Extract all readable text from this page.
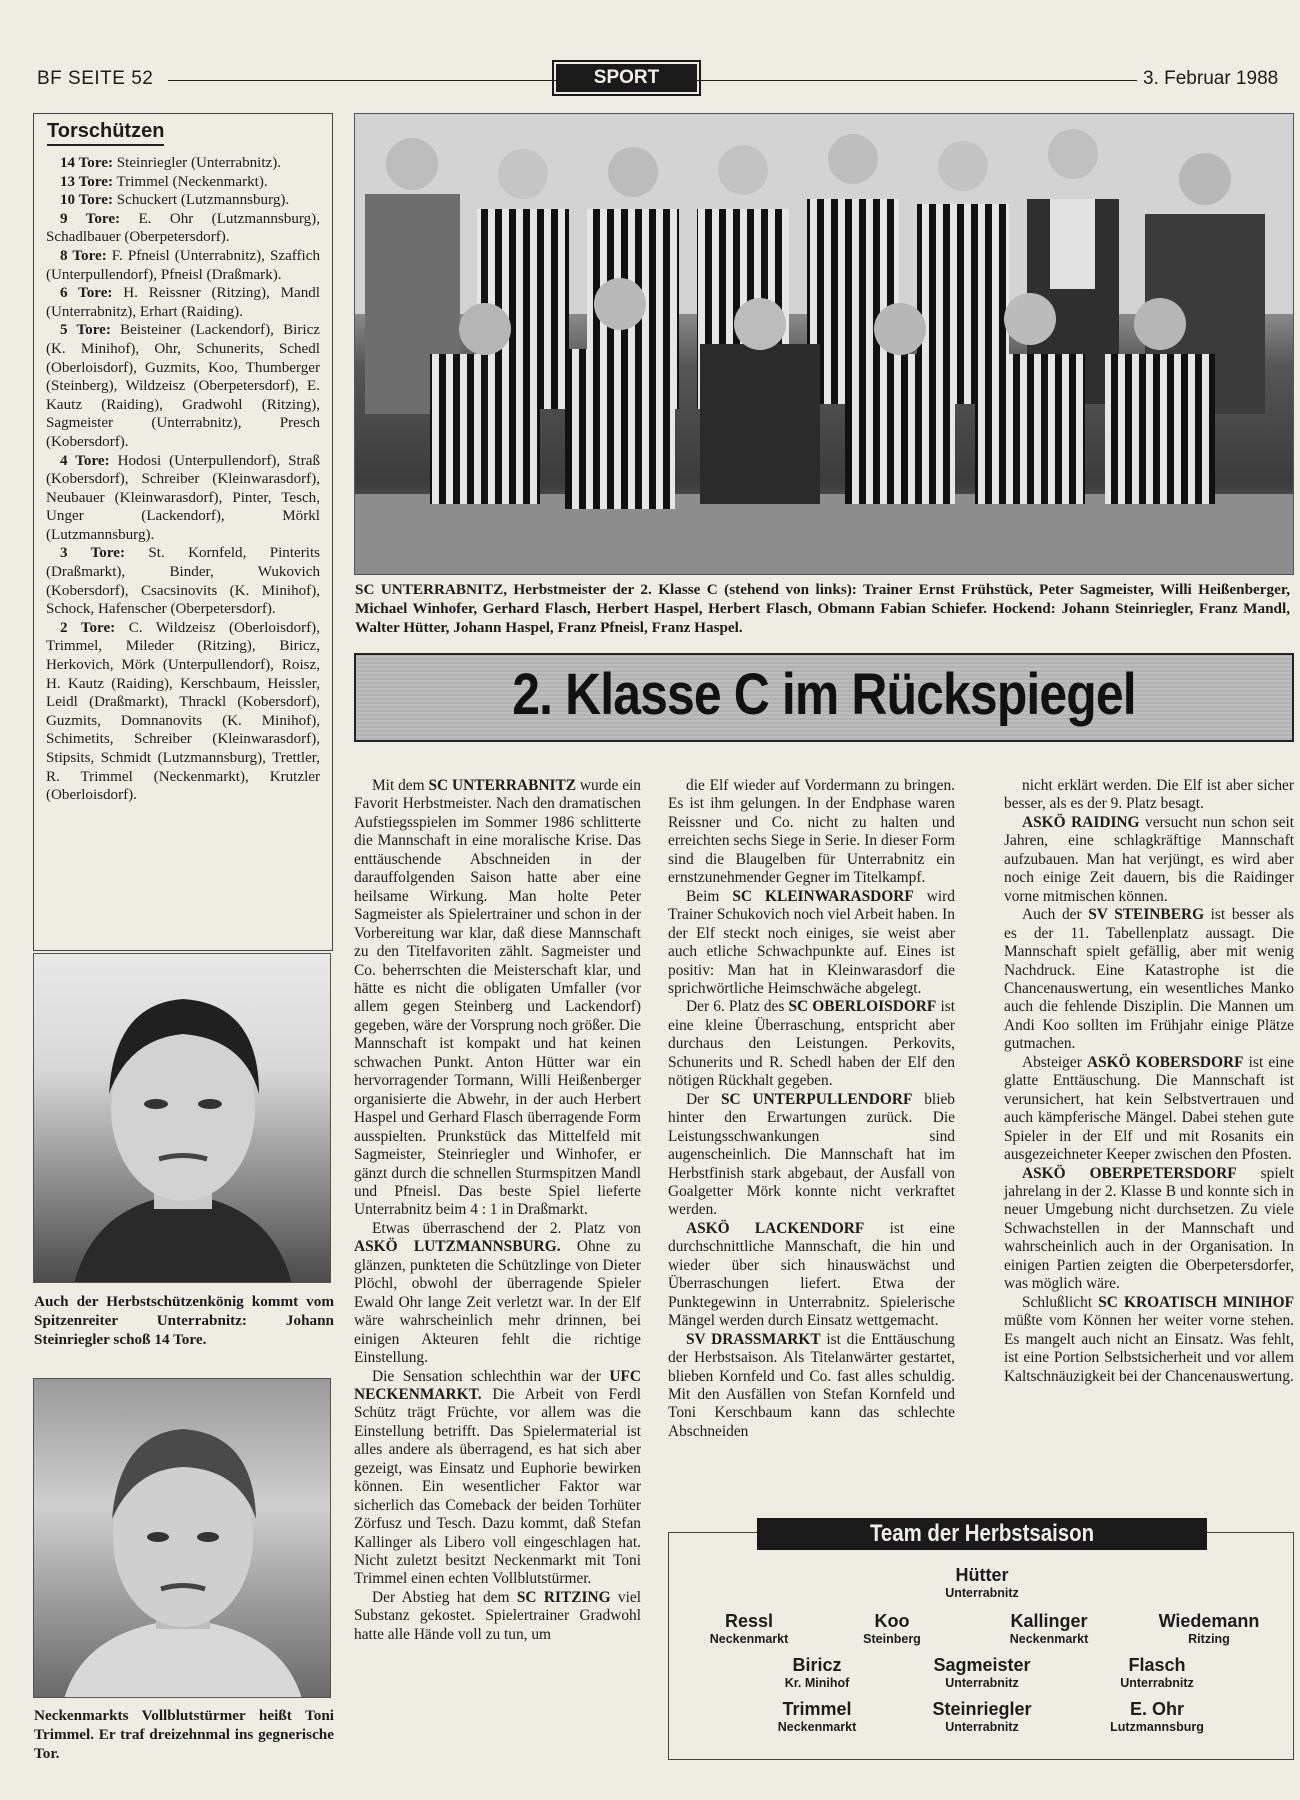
BF SEITE 52	SPORT	3. Februar 1988
Torschützen

14 Tore: Steinriegler (Unterrabnitz).

13 Tore: Trimmel (Neckenmarkt).

10 Tore: Schuckert (Lutzmannsburg).

9 Tore: E. Ohr (Lutzmannsburg), Schadlbauer (Oberpetersdorf).

8 Tore: F. Pfneisl (Unterrabnitz), Szaffich (Unterpullendorf), Pfneisl (Draßmark).

6 Tore: H. Reissner (Ritzing), Mandl (Unterrabnitz), Erhart (Raiding).

5 Tore: Beisteiner (Lackendorf), Biricz (K. Minihof), Ohr, Schunerits, Schedl (Oberloisdorf), Guzmits, Koo, Thumberger (Steinberg), Wildzeisz (Oberpetersdorf), E. Kautz (Raiding), Gradwohl (Ritzing), Sagmeister (Unterrabnitz), Presch (Kobersdorf).

4 Tore: Hodosi (Unterpullendorf), Straß (Kobersdorf), Schreiber (Kleinwarasdorf), Neubauer (Kleinwarasdorf), Pinter, Tesch, Unger (Lackendorf), Mörkl (Lutzmannsburg).

3 Tore: St. Kornfeld, Pinterits (Draßmarkt), Binder, Wukovich (Kobersdorf), Csacsinovits (K. Minihof), Schock, Hafenscher (Oberpetersdorf).

2 Tore: C. Wildzeisz (Oberloisdorf), Trimmel, Mileder (Ritzing), Biricz, Herkovich, Mörk (Unterpullendorf), Roisz, H. Kautz (Raiding), Kerschbaum, Heissler, Leidl (Draßmarkt), Thrackl (Kobersdorf), Guzmits, Domnanovits (K. Minihof), Schimetits, Schreiber (Kleinwarasdorf), Stipsits, Schmidt (Lutzmannsburg), Trettler, R. Trimmel (Neckenmarkt), Krutzler (Oberloisdorf).

Auch der Herbstschützenkönig kommt vom Spitzenreiter Unterrabnitz: Johann Steinriegler schoß 14 Tore.
Neckenmarkts Vollblutstürmer heißt Toni Trimmel. Er traf dreizehnmal ins gegnerische Tor.
SC UNTERRABNITZ, Herbstmeister der 2. Klasse C (stehend von links): Trainer Ernst Frühstück, Peter Sagmeister, Willi Heißenberger, Michael Winhofer, Gerhard Flasch, Herbert Haspel, Herbert Flasch, Obmann Fabian Schiefer. Hockend: Johann Steinriegler, Franz Mandl, Walter Hütter, Johann Haspel, Franz Pfneisl, Franz Haspel.
2. Klasse C im Rückspiegel

Mit dem SC UNTERRABNITZ wurde ein Favorit Herbstmeister. Nach den dramatischen Aufstiegsspielen im Sommer 1986 schlitterte die Mannschaft in eine moralische Krise. Das enttäuschende Abschneiden in der darauffolgenden Saison hatte aber eine heilsame Wirkung. Man holte Peter Sagmeister als Spielertrainer und schon in der Vorbereitung war klar, daß diese Mannschaft zu den Titelfavoriten zählt. Sagmeister und Co. beherrschten die Meisterschaft klar, und hätte es nicht die obligaten Umfaller (vor allem gegen Steinberg und Lackendorf) gegeben, wäre der Vorsprung noch größer. Die Mannschaft ist kompakt und hat keinen schwachen Punkt. Anton Hütter war ein hervorragender Tormann, Willi Heißenberger organisierte die Abwehr, in der auch Herbert Haspel und Gerhard Flasch überragende Form ausspielten. Prunkstück das Mittelfeld mit Sagmeister, Steinriegler und Winhofer, er gänzt durch die schnellen Sturmspitzen Mandl und Pfneisl. Das beste Spiel lieferte Unterrabnitz beim 4 : 1 in Draßmarkt.

Etwas überraschend der 2. Platz von ASKÖ LUTZMANNSBURG. Ohne zu glänzen, punkteten die Schützlinge von Dieter Plöchl, obwohl der überragende Spieler Ewald Ohr lange Zeit verletzt war. In der Elf wäre wahrscheinlich mehr drinnen, bei einigen Akteuren fehlt die richtige Einstellung.

Die Sensation schlechthin war der UFC NECKENMARKT. Die Arbeit von Ferdl Schütz trägt Früchte, vor allem was die Einstellung betrifft. Das Spielermaterial ist alles andere als überragend, es hat sich aber gezeigt, was Einsatz und Euphorie bewirken können. Ein wesentlicher Faktor war sicherlich das Comeback der beiden Torhüter Zörfusz und Tesch. Dazu kommt, daß Stefan Kallinger als Libero voll eingeschlagen hat. Nicht zuletzt besitzt Neckenmarkt mit Toni Trimmel einen echten Vollblutstürmer.

Der Abstieg hat dem SC RITZING viel Substanz gekostet. Spielertrainer Gradwohl hatte alle Hände voll zu tun, um

die Elf wieder auf Vordermann zu bringen. Es ist ihm gelungen. In der Endphase waren Reissner und Co. nicht zu halten und erreichten sechs Siege in Serie. In dieser Form sind die Blaugelben für Unterrabnitz ein ernstzunehmender Gegner im Titelkampf.

Beim SC KLEINWARASDORF wird Trainer Schukovich noch viel Arbeit haben. In der Elf steckt noch einiges, sie weist aber auch etliche Schwachpunkte auf. Eines ist positiv: Man hat in Kleinwarasdorf die sprichwörtliche Heimschwäche abgelegt.

Der 6. Platz des SC OBERLOISDORF ist eine kleine Überraschung, entspricht aber durchaus den Leistungen. Perkovits, Schunerits und R. Schedl haben der Elf den nötigen Rückhalt gegeben.

Der SC UNTERPULLENDORF blieb hinter den Erwartungen zurück. Die Leistungsschwankungen sind augenscheinlich. Die Mannschaft hat im Herbstfinish stark abgebaut, der Ausfall von Goalgetter Mörk konnte nicht verkraftet werden.

ASKÖ LACKENDORF ist eine durchschnittliche Mannschaft, die hin und wieder über sich hinauswächst und Überraschungen liefert. Etwa der Punktegewinn in Unterrabnitz. Spielerische Mängel werden durch Einsatz wettgemacht.

SV DRASSMARKT ist die Enttäuschung der Herbstsaison. Als Titelanwärter gestartet, blieben Kornfeld und Co. fast alles schuldig. Mit den Ausfällen von Stefan Kornfeld und Toni Kerschbaum kann das schlechte Abschneiden

nicht erklärt werden. Die Elf ist aber sicher besser, als es der 9. Platz besagt.

ASKÖ RAIDING versucht nun schon seit Jahren, eine schlagkräftige Mannschaft aufzubauen. Man hat verjüngt, es wird aber noch einige Zeit dauern, bis die Raidinger vorne mitmischen können.

Auch der SV STEINBERG ist besser als es der 11. Tabellenplatz aussagt. Die Mannschaft spielt gefällig, aber mit wenig Nachdruck. Eine Katastrophe ist die Chancenauswertung, ein wesentliches Manko auch die fehlende Disziplin. Die Mannen um Andi Koo sollten im Frühjahr einige Plätze gutmachen.

Absteiger ASKÖ KOBERSDORF ist eine glatte Enttäuschung. Die Mannschaft ist verunsichert, hat kein Selbstvertrauen und auch kämpferische Mängel. Dabei stehen gute Spieler in der Elf und mit Rosanits ein ausgezeichneter Keeper zwischen den Pfosten.

ASKÖ OBERPETERSDORF spielt jahrelang in der 2. Klasse B und konnte sich in neuer Umgebung nicht durchsetzen. Zu viele Schwachstellen in der Mannschaft und wahrscheinlich auch in der Organisation. In einigen Partien zeigten die Oberpetersdorfer, was möglich wäre.

Schlußlicht SC KROATISCH MINIHOF müßte vom Können her weiter vorne stehen. Es mangelt auch nicht an Einsatz. Was fehlt, ist eine Portion Selbstsicherheit und vor allem Kaltschnäuzigkeit bei der Chancenauswertung.

Team der Herbstsaison
Hütter
Unterrabnitz
Ressl
Neckenmarkt
Koo
Steinberg
Kallinger
Neckenmarkt
Wiedemann
Ritzing
Biricz
Kr. Minihof
Sagmeister
Unterrabnitz
Flasch
Unterrabnitz
Trimmel
Neckenmarkt
Steinriegler
Unterrabnitz
E. Ohr
Lutzmannsburg
